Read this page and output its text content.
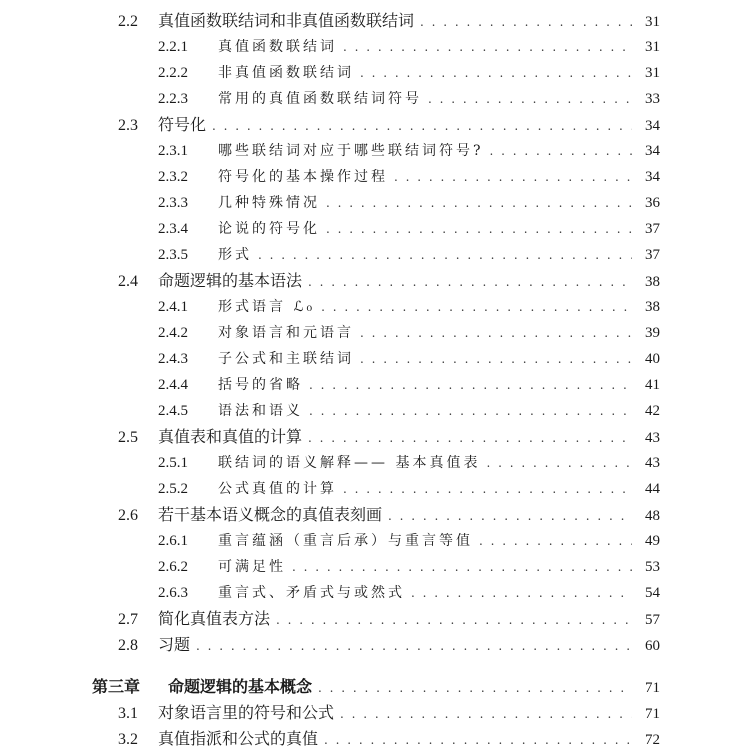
. . .
2.2	真值函数联结词和非真值函数联结词 . . .	31
2.2.1	真值函数联结词 . . .	31
2.2.2	非真值函数联结词 . . .	31
2.2.3	常用的真值函数联结词符号 . . .	33
2.3	符号化 . . .	34
2.3.1	哪些联结词对应于哪些联结词符号? . . .	34
2.3.2	符号化的基本操作过程 . . .	34
2.3.3	几种特殊情况 . . .	36
2.3.4	论说的符号化 . . .	37
2.3.5	形式 . . .	37
2.4	命题逻辑的基本语法 . . .	38
2.4.1	形式语言 ℒ₀ . . .	38
2.4.2	对象语言和元语言 . . .	39
2.4.3	子公式和主联结词 . . .	40
2.4.4	括号的省略 . . .	41
2.4.5	语法和语义 . . .	42
2.5	真值表和真值的计算 . . .	43
2.5.1	联结词的语义解释—— 基本真值表 . . .	43
2.5.2	公式真值的计算 . . .	44
2.6	若干基本语义概念的真值表刻画 . . .	48
2.6.1	重言蕴涵（重言后承）与重言等值 . . .	49
2.6.2	可满足性 . . .	53
2.6.3	重言式、矛盾式与或然式 . . .	54
2.7	简化真值表方法 . . .	57
2.8	习题 . . .	60
第三章	命题逻辑的基本概念 . . .	71
3.1	对象语言里的符号和公式 . . .	71
3.2	真值指派和公式的真值 . . .	72
